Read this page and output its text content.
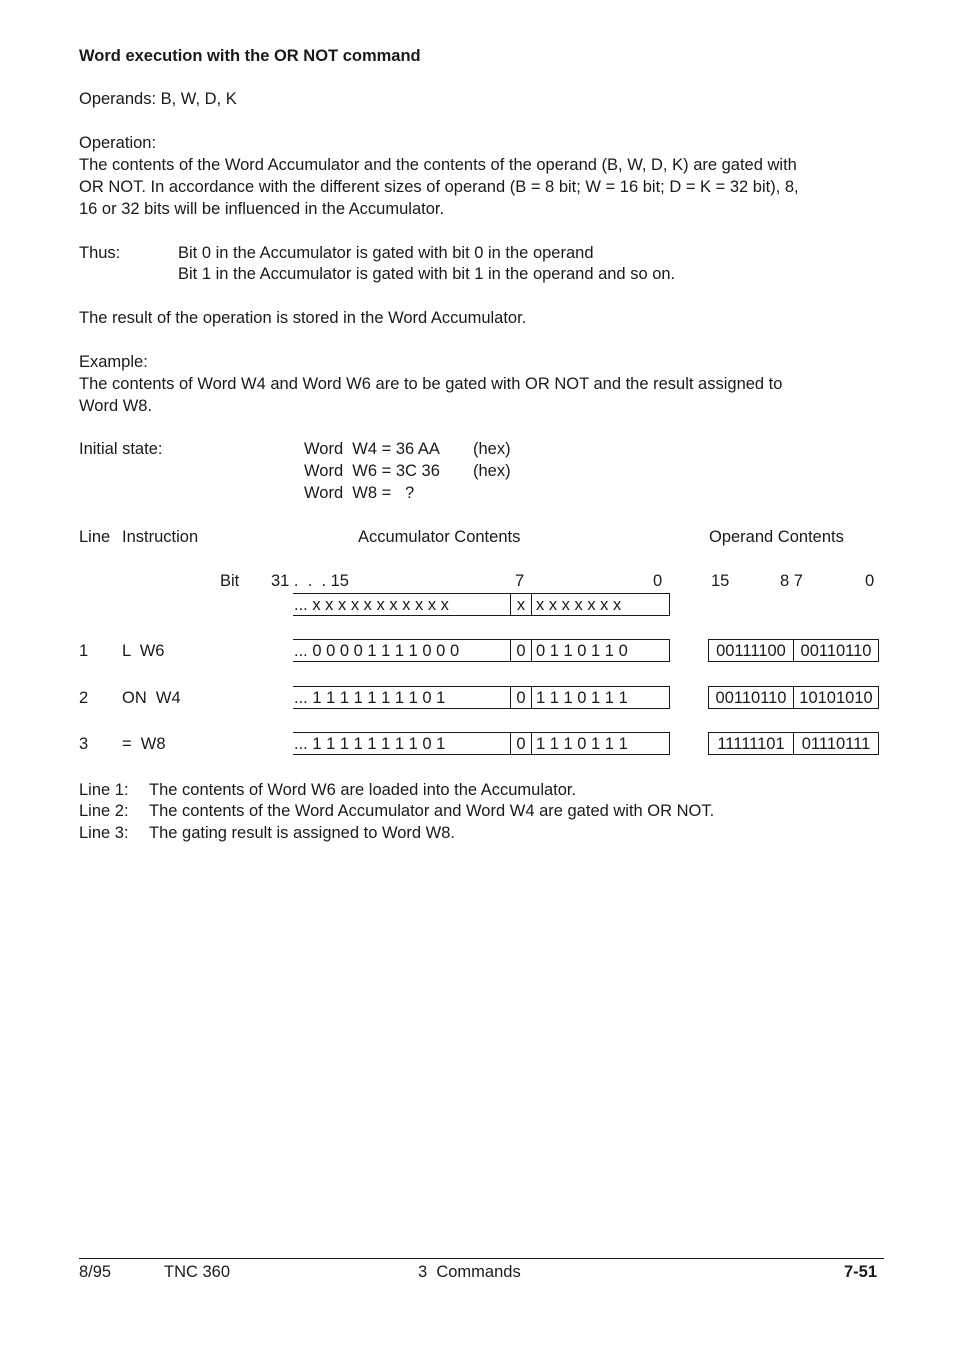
Word execution with the OR NOT command
Operands: B, W, D, K
Operation:
The contents of the Word Accumulator and the contents of the operand (B, W, D, K) are gated with
OR NOT. In accordance with the different sizes of operand (B = 8 bit; W = 16 bit; D = K = 32 bit), 8,
16 or 32 bits will be influenced in the Accumulator.
Thus:	Bit 0 in the Accumulator is gated with bit 0 in the operand
Bit 1 in the Accumulator is gated with bit 1 in the operand and so on.
The result of the operation is stored in the Word Accumulator.
Example:
The contents of Word W4 and Word W6 are to be gated with OR NOT and the result assigned to
Word W8.
Initial state:	Word  W4 = 36 AA (hex)
Word  W6 = 3C 36 (hex)
Word  W8 =   ?
Line Instruction	Accumulator Contents	Operand Contents
Bit 31 .  .  . 15	7	0	15	8 7	0
... x x x x x x x x x x x	x x x x x x x x
1 L  W6	... 0 0 0 0 1 1 1 1 0 0 0	0 0 1 1 0 1 1 0	00111100 00110110
2 ON  W4	... 1 1 1 1 1 1 1 1 0 1	0 1 1 1 0 1 1 1	00110110 10101010
3 =  W8	... 1 1 1 1 1 1 1 1 0 1	0 1 1 1 0 1 1 1	11111101	01110111
Line 1: The contents of Word W6 are loaded into the Accumulator.
Line 2: The contents of the Word Accumulator and Word W4 are gated with OR NOT.
Line 3: The gating result is assigned to Word W8.
8/95	TNC 360	3  Commands	7-51
